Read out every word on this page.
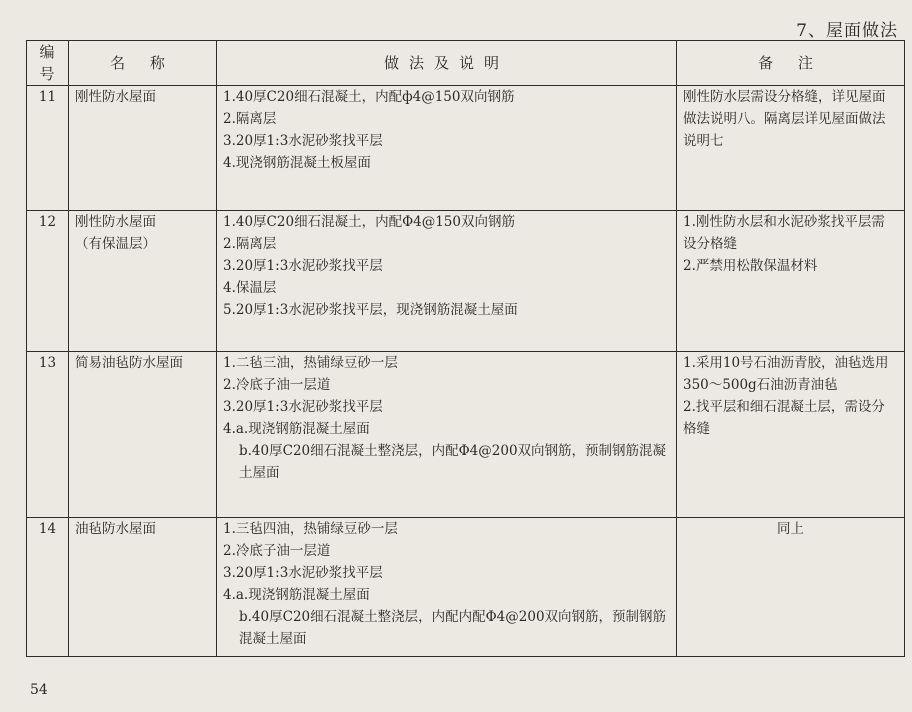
7、屋面做法
编号	名 称	做法及说明	备 注
11	刚性防水屋面	1.40厚C20细石混凝土，内配ф4@150双向钢筋
2.隔离层
3.20厚1:3水泥砂浆找平层
4.现浇钢筋混凝土板屋面	刚性防水层需设分格缝，详见屋面做法说明八。隔离层详见屋面做法说明七

12	刚性防水屋面
（有保温层）	1.40厚C20细石混凝土，内配Φ4@150双向钢筋
2.隔离层
3.20厚1:3水泥砂浆找平层
4.保温层
5.20厚1:3水泥砂浆找平层，现浇钢筋混凝土屋面	1.刚性防水层和水泥砂浆找平层需设分格缝
2.严禁用松散保温材料

13	简易油毡防水屋面	1.二毡三油，热铺绿豆砂一层
2.冷底子油一层道
3.20厚1:3水泥砂浆找平层
4.a.现浇钢筋混凝土屋面
b.40厚C20细石混凝土整浇层，内配Φ4@200双向钢筋，预制钢筋混凝土屋面	1.采用10号石油沥青胶，油毡选用350～500g石油沥青油毡
2.找平层和细石混凝土层，需设分格缝

14	油毡防水屋面	1.三毡四油，热铺绿豆砂一层
2.冷底子油一层道
3.20厚1:3水泥砂浆找平层
4.a.现浇钢筋混凝土屋面
b.40厚C20细石混凝土整浇层，内配内配Φ4@200双向钢筋，预制钢筋混凝土屋面	同上
54
